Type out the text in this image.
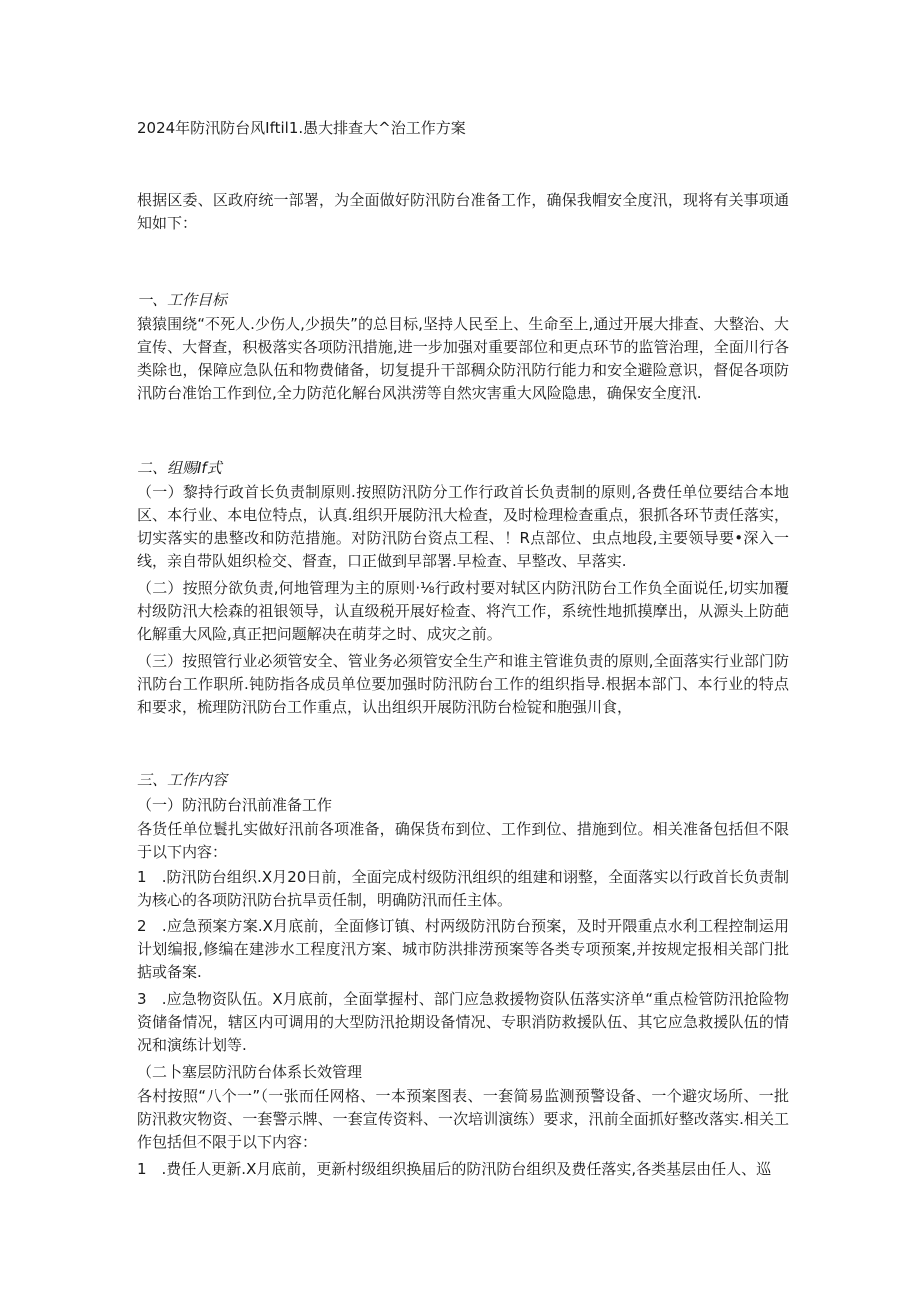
2024年防汛防台风Iftil1.愚大排查大^治工作方案

根据区委、区政府统一部署，为全面做好防汛防台准备工作，确保我帽安全度汛，现将有关事项通知如下：

一、工作目标

猿猿围绕“不死人.少伤人,少损失”的总目标,坚持人民至上、生命至上,通过开展大排查、大整治、大宣传、大督查，积极落实各项防汛措施,进一步加强对重要部位和更点环节的监管治理，全面川行各类除也，保障应急队伍和物费储备，切复提升干部稠众防汛防行能力和安全避险意识，督促各项防汛防台准饴工作到位,全力防范化解台风洪涝等自然灾害重大风险隐患，确保安全度汛.

二、组赐If式

（一）黎持行政首长负责制原则.按照防汛防分工作行政首长负责制的原则,各费任单位要结合本地区、本行业、本电位特点，认真.组织开展防汛大检查，及时检理检查重点，狠抓各环节责任落实，切实落实的患整改和防范措施。对防汛防台资点工程、！R点部位、虫点地段,主要领导要•深入一线，亲自带队姐织检交、督查，口正做到早部署.早检查、早整改、早落实.

（二）按照分欲负责,何地管理为主的原则·⅛行政村要对轼区内防汛防台工作负全面说任,切实加覆村级防汛大桧森的祖银领导，认直级税开展好检查、将汽工作，系统性地抓摸摩出，从源头上防葩化解重大风险,真正把问题解决在萌芽之时、成灾之前。

（三）按照管行业必须管安全、管业务必须管安全生产和谁主管谁负责的原则,全面落实行业部门防汛防台工作职所.钝防指各成员单位要加强时防汛防台工作的组织指导.根据本部门、本行业的特点和要求，梳理防汛防台工作重点，认出组织开展防汛防台检锭和胞强川食，

三、工作内容

（一）防汛防台汛前准备工作

各货任单位鬟扎实做好汛前各项准备，确保货布到位、工作到位、措施到位。相关准备包括但不限于以下内容：

1　.防汛防台组织.X月20日前，全面完成村级防汛组织的组建和诩整，全面落实以行政首长负责制为核心的各项防汛防台抗旱贡任制，明确防汛而任主体。

2　.应急预案方案.X月底前，全面修订镇、村两级防汛防台预案，及时开隈重点水利工程控制运用计划编报,修编在建涉水工程度汛方案、城市防洪排涝预案等各类专项预案,并按规定报相关部门批掂或备案.

3　.应急物资队伍。X月底前，全面掌握村、部门应急救援物资队伍落实济单“重点检管防汛抢险物资储备情况，辖区内可调用的大型防汛抢期设备情况、专职消防救援队伍、其它应急救援队伍的情况和演练计划等.

（二卜塞层防汛防台体系长效管理

各村按照“八个一”（一张而任网格、一本预案图表、一套简易监测预警设备、一个避灾场所、一批防汛救灾物资、一套警示牌、一套宣传资料、一次培训演练）要求，汛前全面抓好整改落实.相关工作包括但不限于以下内容：

1　.费任人更新.X月底前，更新村级组织换届后的防汛防台组织及费任落实,各类基层由任人、巡
